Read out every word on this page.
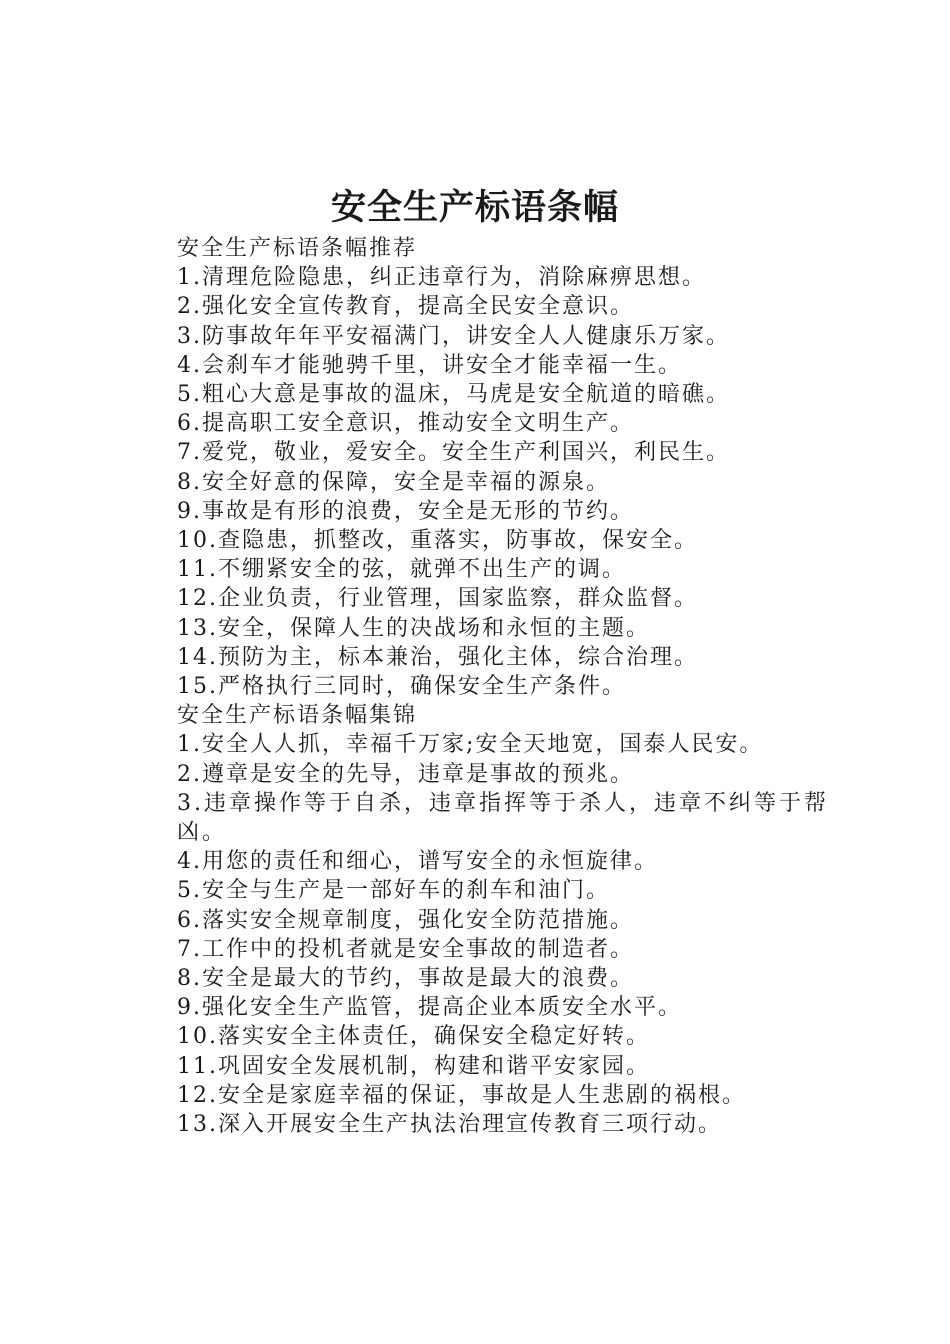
安全生产标语条幅
安全生产标语条幅推荐
1.清理危险隐患，纠正违章行为，消除麻痹思想。
2.强化安全宣传教育，提高全民安全意识。
3.防事故年年平安福满门，讲安全人人健康乐万家。
4.会刹车才能驰骋千里，讲安全才能幸福一生。
5.粗心大意是事故的温床，马虎是安全航道的暗礁。
6.提高职工安全意识，推动安全文明生产。
7.爱党，敬业，爱安全。安全生产利国兴，利民生。
8.安全好意的保障，安全是幸福的源泉。
9.事故是有形的浪费，安全是无形的节约。
10.查隐患，抓整改，重落实，防事故，保安全。
11.不绷紧安全的弦，就弹不出生产的调。
12.企业负责，行业管理，国家监察，群众监督。
13.安全，保障人生的决战场和永恒的主题。
14.预防为主，标本兼治，强化主体，综合治理。
15.严格执行三同时，确保安全生产条件。
安全生产标语条幅集锦
1.安全人人抓，幸福千万家;安全天地宽，国泰人民安。
2.遵章是安全的先导，违章是事故的预兆。
3.违章操作等于自杀，违章指挥等于杀人，违章不纠等于帮凶。
4.用您的责任和细心，谱写安全的永恒旋律。
5.安全与生产是一部好车的刹车和油门。
6.落实安全规章制度，强化安全防范措施。
7.工作中的投机者就是安全事故的制造者。
8.安全是最大的节约，事故是最大的浪费。
9.强化安全生产监管，提高企业本质安全水平。
10.落实安全主体责任，确保安全稳定好转。
11.巩固安全发展机制，构建和谐平安家园。
12.安全是家庭幸福的保证，事故是人生悲剧的祸根。
13.深入开展安全生产执法治理宣传教育三项行动。
